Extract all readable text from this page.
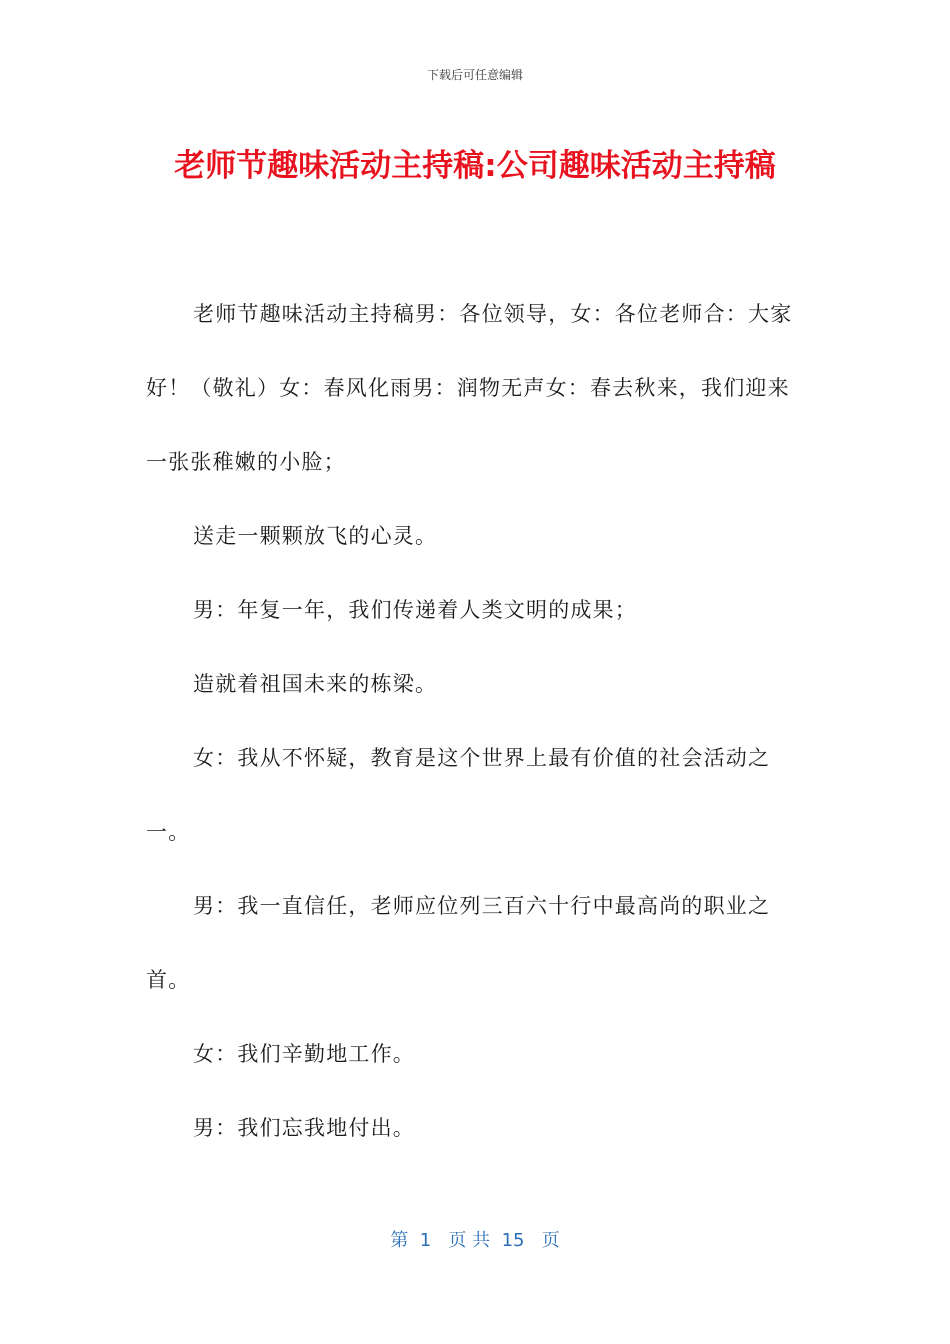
下载后可任意编辑
老师节趣味活动主持稿:公司趣味活动主持稿

老师节趣味活动主持稿男：各位领导，女：各位老师合：大家好！（敬礼）女：春风化雨男：润物无声女：春去秋来，我们迎来一张张稚嫩的小脸；

送走一颗颗放飞的心灵。

男：年复一年，我们传递着人类文明的成果；

造就着祖国未来的栋梁。

女：我从不怀疑，教育是这个世界上最有价值的社会活动之一。

男：我一直信任，老师应位列三百六十行中最高尚的职业之首。

女：我们辛勤地工作。

男：我们忘我地付出。

第  1   页 共  15   页
